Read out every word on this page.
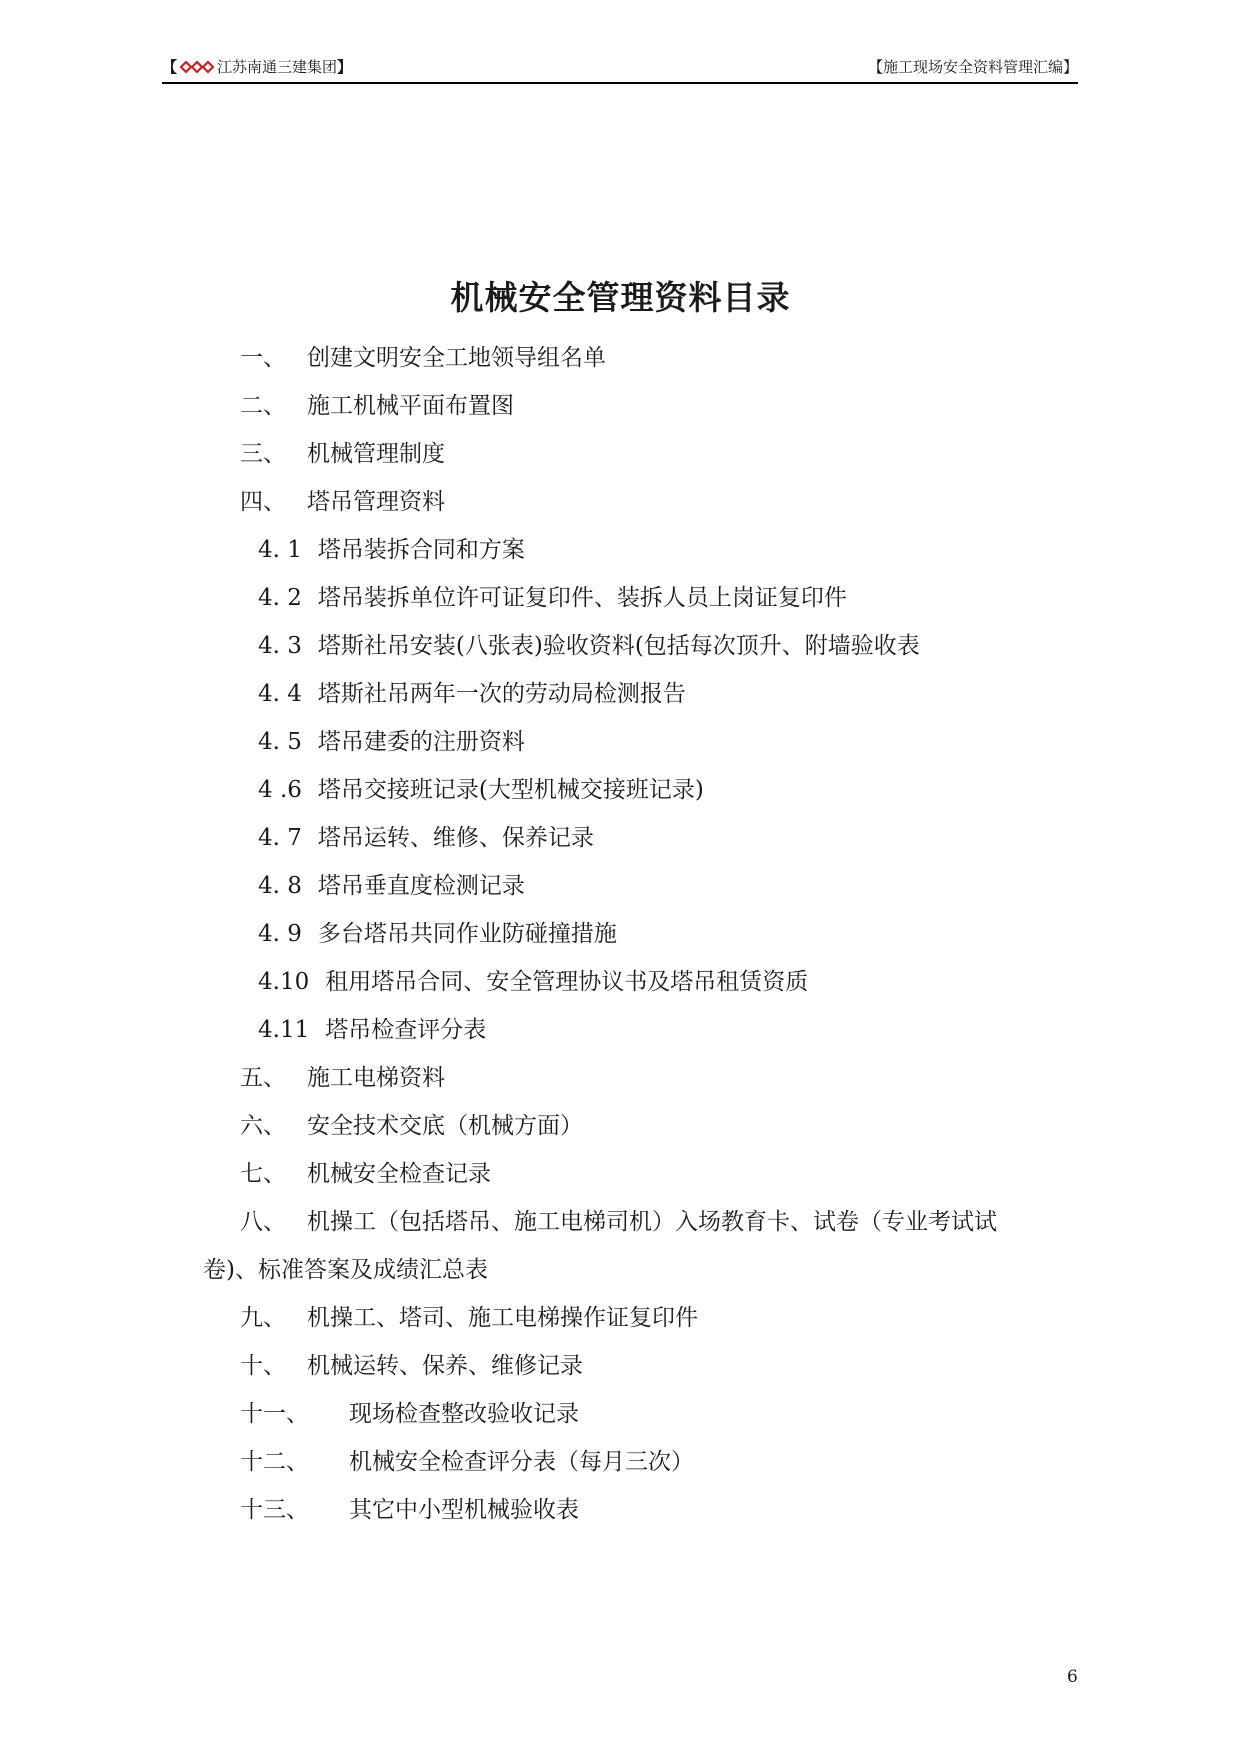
【	江苏南通三建集团 】	【施工现场安全资料管理汇编】
机械安全管理资料目录
一、 创建文明安全工地领导组名单
二、 施工机械平面布置图
三、 机械管理制度
四、 塔吊管理资料
4. 1 塔吊装拆合同和方案
4. 2 塔吊装拆单位许可证复印件、装拆人员上岗证复印件
4. 3 塔斯社吊安装(八张表)验收资料(包括每次顶升、附墙验收表
4. 4 塔斯社吊两年一次的劳动局检测报告
4. 5 塔吊建委的注册资料
4 .6 塔吊交接班记录(大型机械交接班记录)
4. 7 塔吊运转、维修、保养记录
4. 8 塔吊垂直度检测记录
4. 9 多台塔吊共同作业防碰撞措施
4.10 租用塔吊合同、安全管理协议书及塔吊租赁资质
4.11 塔吊检查评分表
五、 施工电梯资料
六、 安全技术交底（机械方面）
七、 机械安全检查记录
八、 机操工（包括塔吊、施工电梯司机）入场教育卡、试卷（专业考试试
卷)、标准答案及成绩汇总表
九、 机操工、塔司、施工电梯操作证复印件
十、 机械运转、保养、维修记录
十一、 现场检查整改验收记录
十二、 机械安全检查评分表（每月三次）
十三、 其它中小型机械验收表
6
